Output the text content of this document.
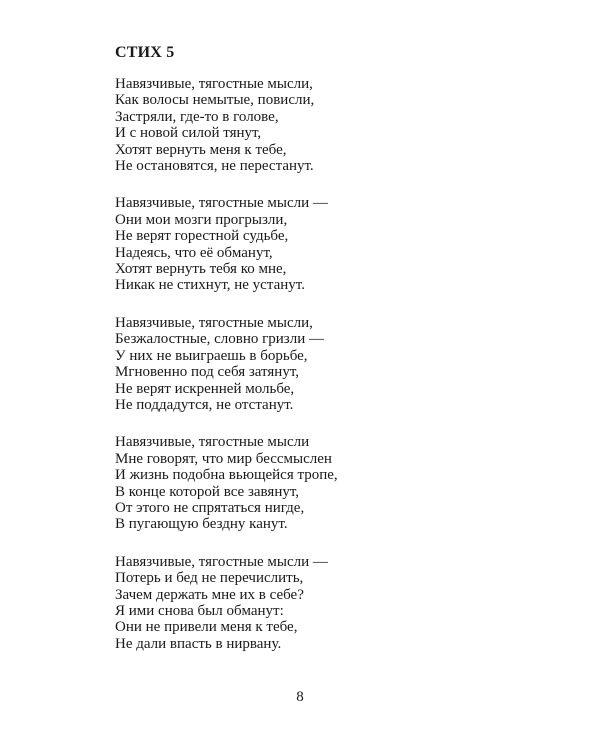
СТИХ 5
Навязчивые, тягостные мысли,
Как волосы немытые, повисли,
Застряли, где-то в голове,
И с новой силой тянут,
Хотят вернуть меня к тебе,
Не остановятся, не перестанут.
Навязчивые, тягостные мысли —
Они мои мозги прогрызли,
Не верят горестной судьбе,
Надеясь, что её обманут,
Хотят вернуть тебя ко мне,
Никак не стихнут, не устанут.
Навязчивые, тягостные мысли,
Безжалостные, словно гризли —
У них не выиграешь в борьбе,
Мгновенно под себя затянут,
Не верят искренней мольбе,
Не поддадутся, не отстанут.
Навязчивые, тягостные мысли
Мне говорят, что мир бессмыслен
И жизнь подобна вьющейся тропе,
В конце которой все завянут,
От этого не спрятаться нигде,
В пугающую бездну канут.
Навязчивые, тягостные мысли —
Потерь и бед не перечислить,
Зачем держать мне их в себе?
Я ими снова был обманут:
Они не привели меня к тебе,
Не дали впасть в нирвану.
8
